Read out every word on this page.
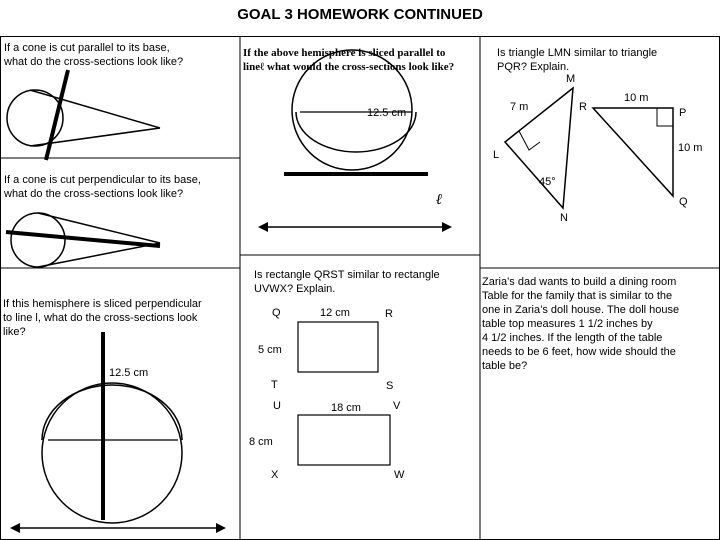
GOAL 3 HOMEWORK CONTINUED
If a cone is cut parallel to its base,
what do the cross-sections look like?
If the above hemisphere is sliced parallel to
lineℓ what would the cross-sections look like?
12.5 cm
ℓ
Is triangle LMN similar to triangle
PQR? Explain.
M
L
N
R	P
Q
7 m
10 m
10 m
45°
If a cone is cut perpendicular to its base,
what do the cross-sections look like?
Is rectangle QRST similar to rectangle
UVWX? Explain.
Q	12 cm	R
5 cm
T	S
U	18 cm	V
8 cm
X	W
If this hemisphere is sliced perpendicular
to line l, what do the cross-sections look
like?
12.5 cm
Zaria’s dad wants to build a dining room
Table for the family that is similar to the
one in Zaria’s doll house. The doll house
table top measures 1 1/2 inches by
4 1/2 inches. If the length of the table
needs to be 6 feet, how wide should the
table be?
